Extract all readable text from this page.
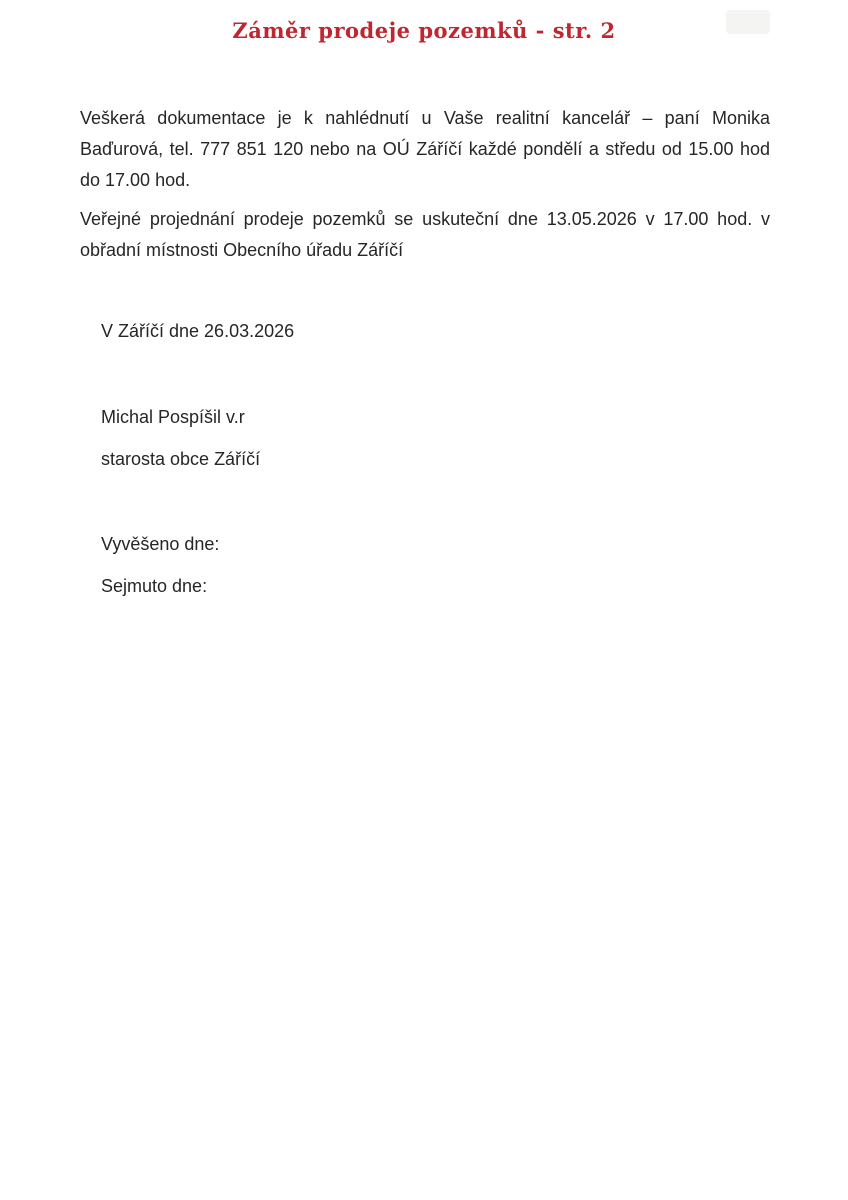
Záměr prodeje pozemků - str. 2

Veškerá dokumentace je k nahlédnutí u Vaše realitní kancelář – paní Monika Baďurová, tel. 777 851 120 nebo na OÚ Záříčí každé pondělí a středu od 15.00 hod do 17.00 hod.

Veřejné projednání prodeje pozemků se uskuteční dne 13.05.2026 v 17.00 hod. v obřadní místnosti Obecního úřadu Záříčí

V Záříčí dne 26.03.2026

Michal Pospíšil v.r

starosta obce Záříčí

Vyvěšeno dne:

Sejmuto dne:
